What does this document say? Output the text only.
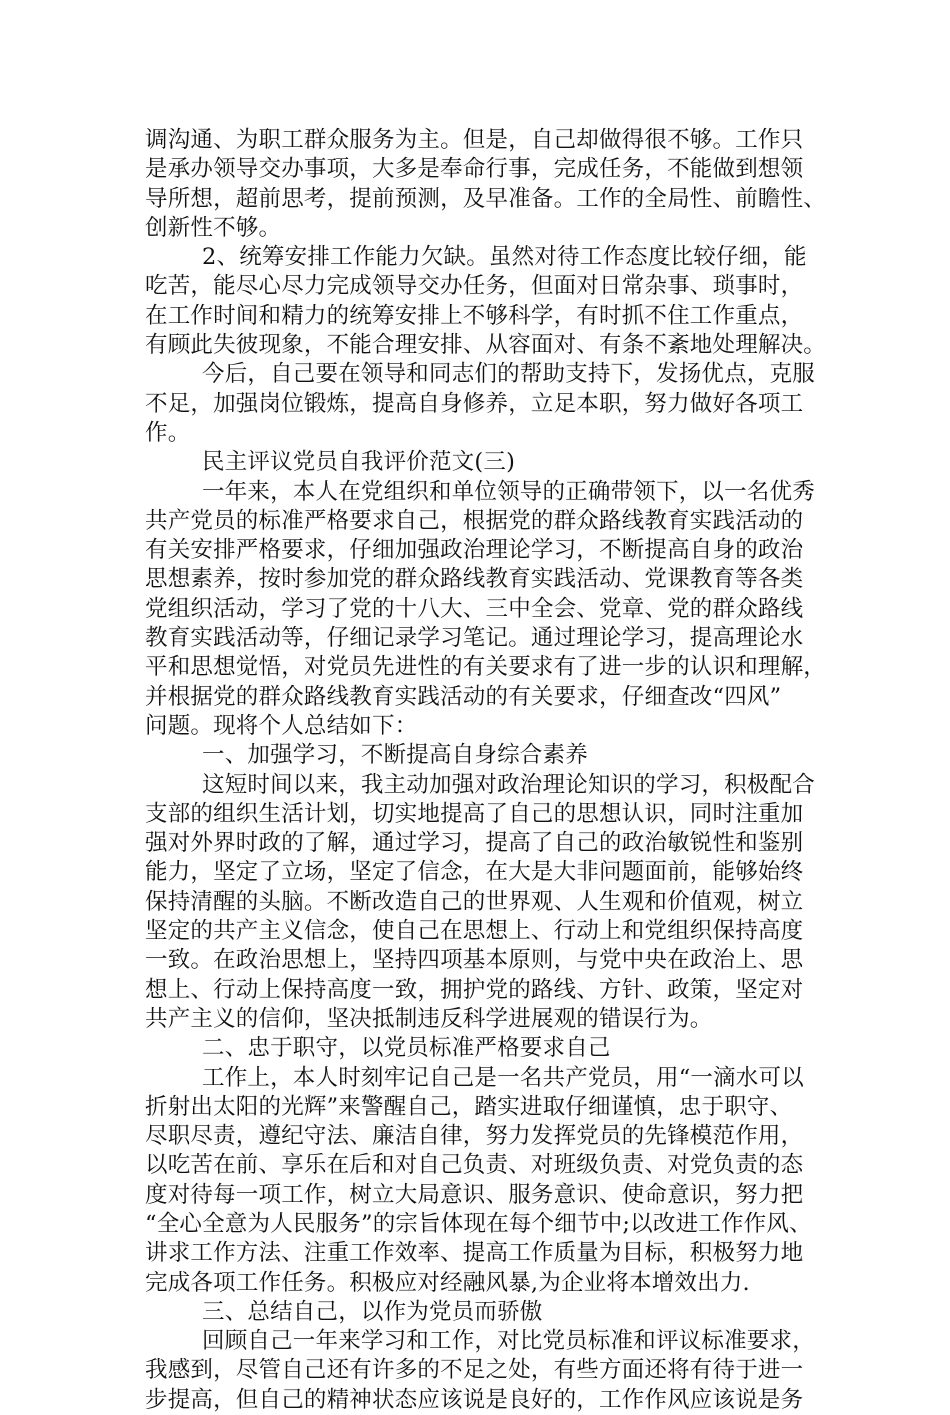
调沟通、为职工群众服务为主。但是，自己却做得很不够。工作只
是承办领导交办事项，大多是奉命行事，完成任务，不能做到想领
导所想，超前思考，提前预测，及早准备。工作的全局性、前瞻性、
创新性不够。
2、统筹安排工作能力欠缺。虽然对待工作态度比较仔细，能
吃苦，能尽心尽力完成领导交办任务，但面对日常杂事、琐事时，
在工作时间和精力的统筹安排上不够科学，有时抓不住工作重点，
有顾此失彼现象，不能合理安排、从容面对、有条不紊地处理解决。
今后，自己要在领导和同志们的帮助支持下，发扬优点，克服
不足，加强岗位锻炼，提高自身修养，立足本职，努力做好各项工
作。
民主评议党员自我评价范文(三)
一年来，本人在党组织和单位领导的正确带领下，以一名优秀
共产党员的标准严格要求自己，根据党的群众路线教育实践活动的
有关安排严格要求，仔细加强政治理论学习，不断提高自身的政治
思想素养，按时参加党的群众路线教育实践活动、党课教育等各类
党组织活动，学习了党的十八大、三中全会、党章、党的群众路线
教育实践活动等，仔细记录学习笔记。通过理论学习，提高理论水
平和思想觉悟，对党员先进性的有关要求有了进一步的认识和理解，
并根据党的群众路线教育实践活动的有关要求，仔细查改“四风”
问题。现将个人总结如下：
一、加强学习，不断提高自身综合素养
这短时间以来，我主动加强对政治理论知识的学习，积极配合
支部的组织生活计划，切实地提高了自己的思想认识，同时注重加
强对外界时政的了解，通过学习，提高了自己的政治敏锐性和鉴别
能力，坚定了立场，坚定了信念，在大是大非问题面前，能够始终
保持清醒的头脑。不断改造自己的世界观、人生观和价值观，树立
坚定的共产主义信念，使自己在思想上、行动上和党组织保持高度
一致。在政治思想上，坚持四项基本原则，与党中央在政治上、思
想上、行动上保持高度一致，拥护党的路线、方针、政策，坚定对
共产主义的信仰，坚决抵制违反科学进展观的错误行为。
二、忠于职守，以党员标准严格要求自己
工作上，本人时刻牢记自己是一名共产党员，用“一滴水可以
折射出太阳的光辉”来警醒自己，踏实进取仔细谨慎，忠于职守、
尽职尽责，遵纪守法、廉洁自律，努力发挥党员的先锋模范作用，
以吃苦在前、享乐在后和对自己负责、对班级负责、对党负责的态
度对待每一项工作，树立大局意识、服务意识、使命意识，努力把
“全心全意为人民服务”的宗旨体现在每个细节中;以改进工作作风、
讲求工作方法、注重工作效率、提高工作质量为目标，积极努力地
完成各项工作任务。积极应对经融风暴,为企业将本增效出力.
三、总结自己，以作为党员而骄傲
回顾自己一年来学习和工作，对比党员标准和评议标准要求，
我感到，尽管自己还有许多的不足之处，有些方面还将有待于进一
步提高，但自己的精神状态应该说是良好的，工作作风应该说是务
